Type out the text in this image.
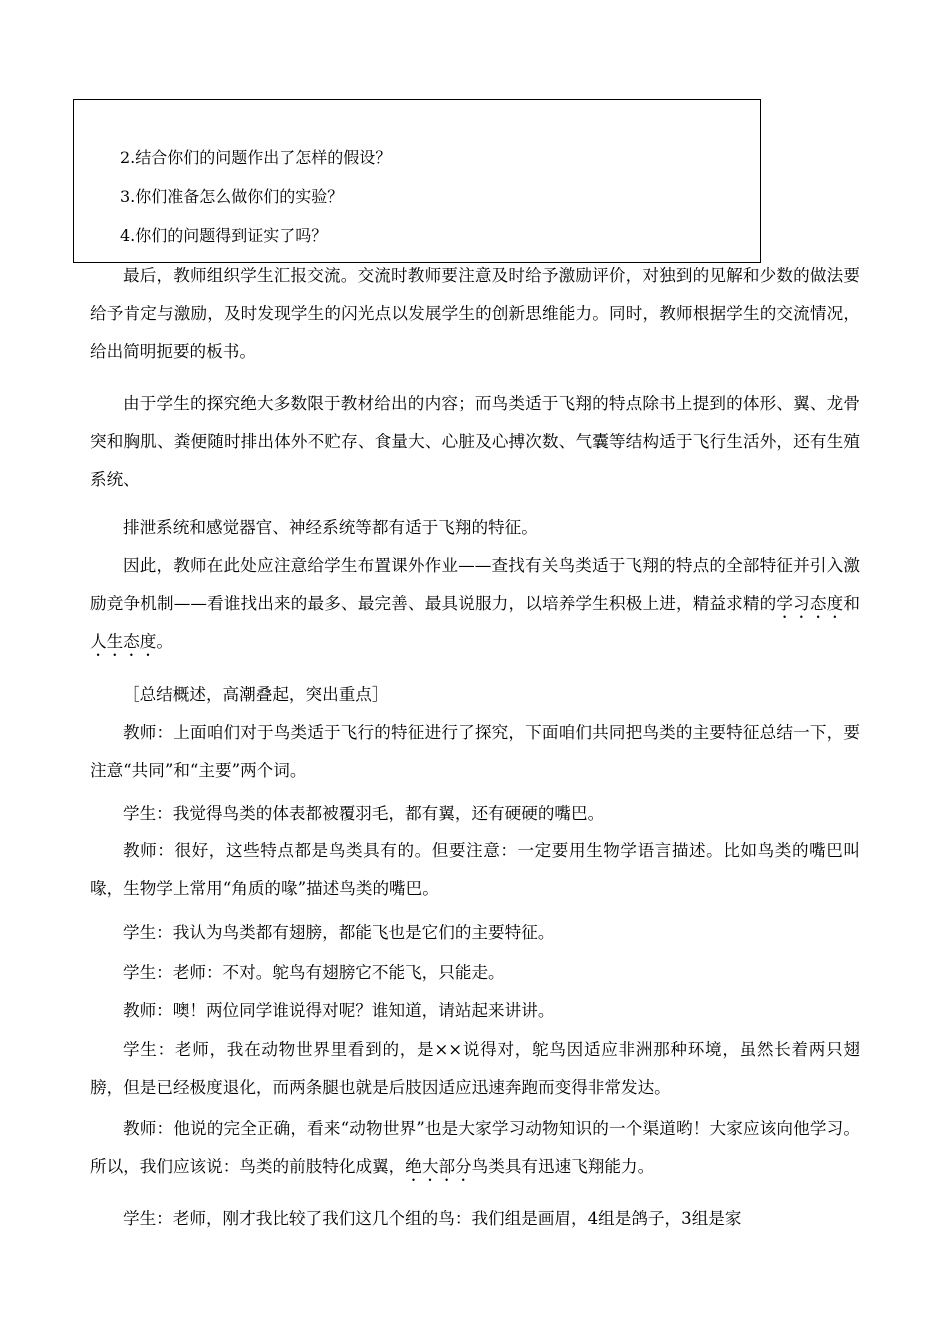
2.结合你们的问题作出了怎样的假设？
3.你们准备怎么做你们的实验？
4.你们的问题得到证实了吗？
最后，教师组织学生汇报交流。交流时教师要注意及时给予激励评价，对独到的见解和少数的做法要给予肯定与激励，及时发现学生的闪光点以发展学生的创新思维能力。同时，教师根据学生的交流情况，给出简明扼要的板书。
由于学生的探究绝大多数限于教材给出的内容；而鸟类适于飞翔的特点除书上提到的体形、翼、龙骨突和胸肌、粪便随时排出体外不贮存、食量大、心脏及心搏次数、气囊等结构适于飞行生活外，还有生殖系统、
排泄系统和感觉器官、神经系统等都有适于飞翔的特征。
因此，教师在此处应注意给学生布置课外作业——查找有关鸟类适于飞翔的特点的全部特征并引入激励竞争机制——看谁找出来的最多、最完善、最具说服力，以培养学生积极上进，精益求精的学习态度和人生态度。
［总结概述，高潮叠起，突出重点］
教师：上面咱们对于鸟类适于飞行的特征进行了探究，下面咱们共同把鸟类的主要特征总结一下，要注意“共同”和“主要”两个词。
学生：我觉得鸟类的体表都被覆羽毛，都有翼，还有硬硬的嘴巴。
教师：很好，这些特点都是鸟类具有的。但要注意：一定要用生物学语言描述。比如鸟类的嘴巴叫喙，生物学上常用“角质的喙”描述鸟类的嘴巴。
学生：我认为鸟类都有翅膀，都能飞也是它们的主要特征。
学生：老师：不对。鸵鸟有翅膀它不能飞，只能走。
教师：噢！两位同学谁说得对呢？谁知道，请站起来讲讲。
学生：老师，我在动物世界里看到的，是××说得对，鸵鸟因适应非洲那种环境，虽然长着两只翅膀，但是已经极度退化，而两条腿也就是后肢因适应迅速奔跑而变得非常发达。
教师：他说的完全正确，看来“动物世界”也是大家学习动物知识的一个渠道哟！大家应该向他学习。所以，我们应该说：鸟类的前肢特化成翼，绝大部分鸟类具有迅速飞翔能力。
学生：老师，刚才我比较了我们这几个组的鸟：我们组是画眉，4组是鸽子，3组是家
